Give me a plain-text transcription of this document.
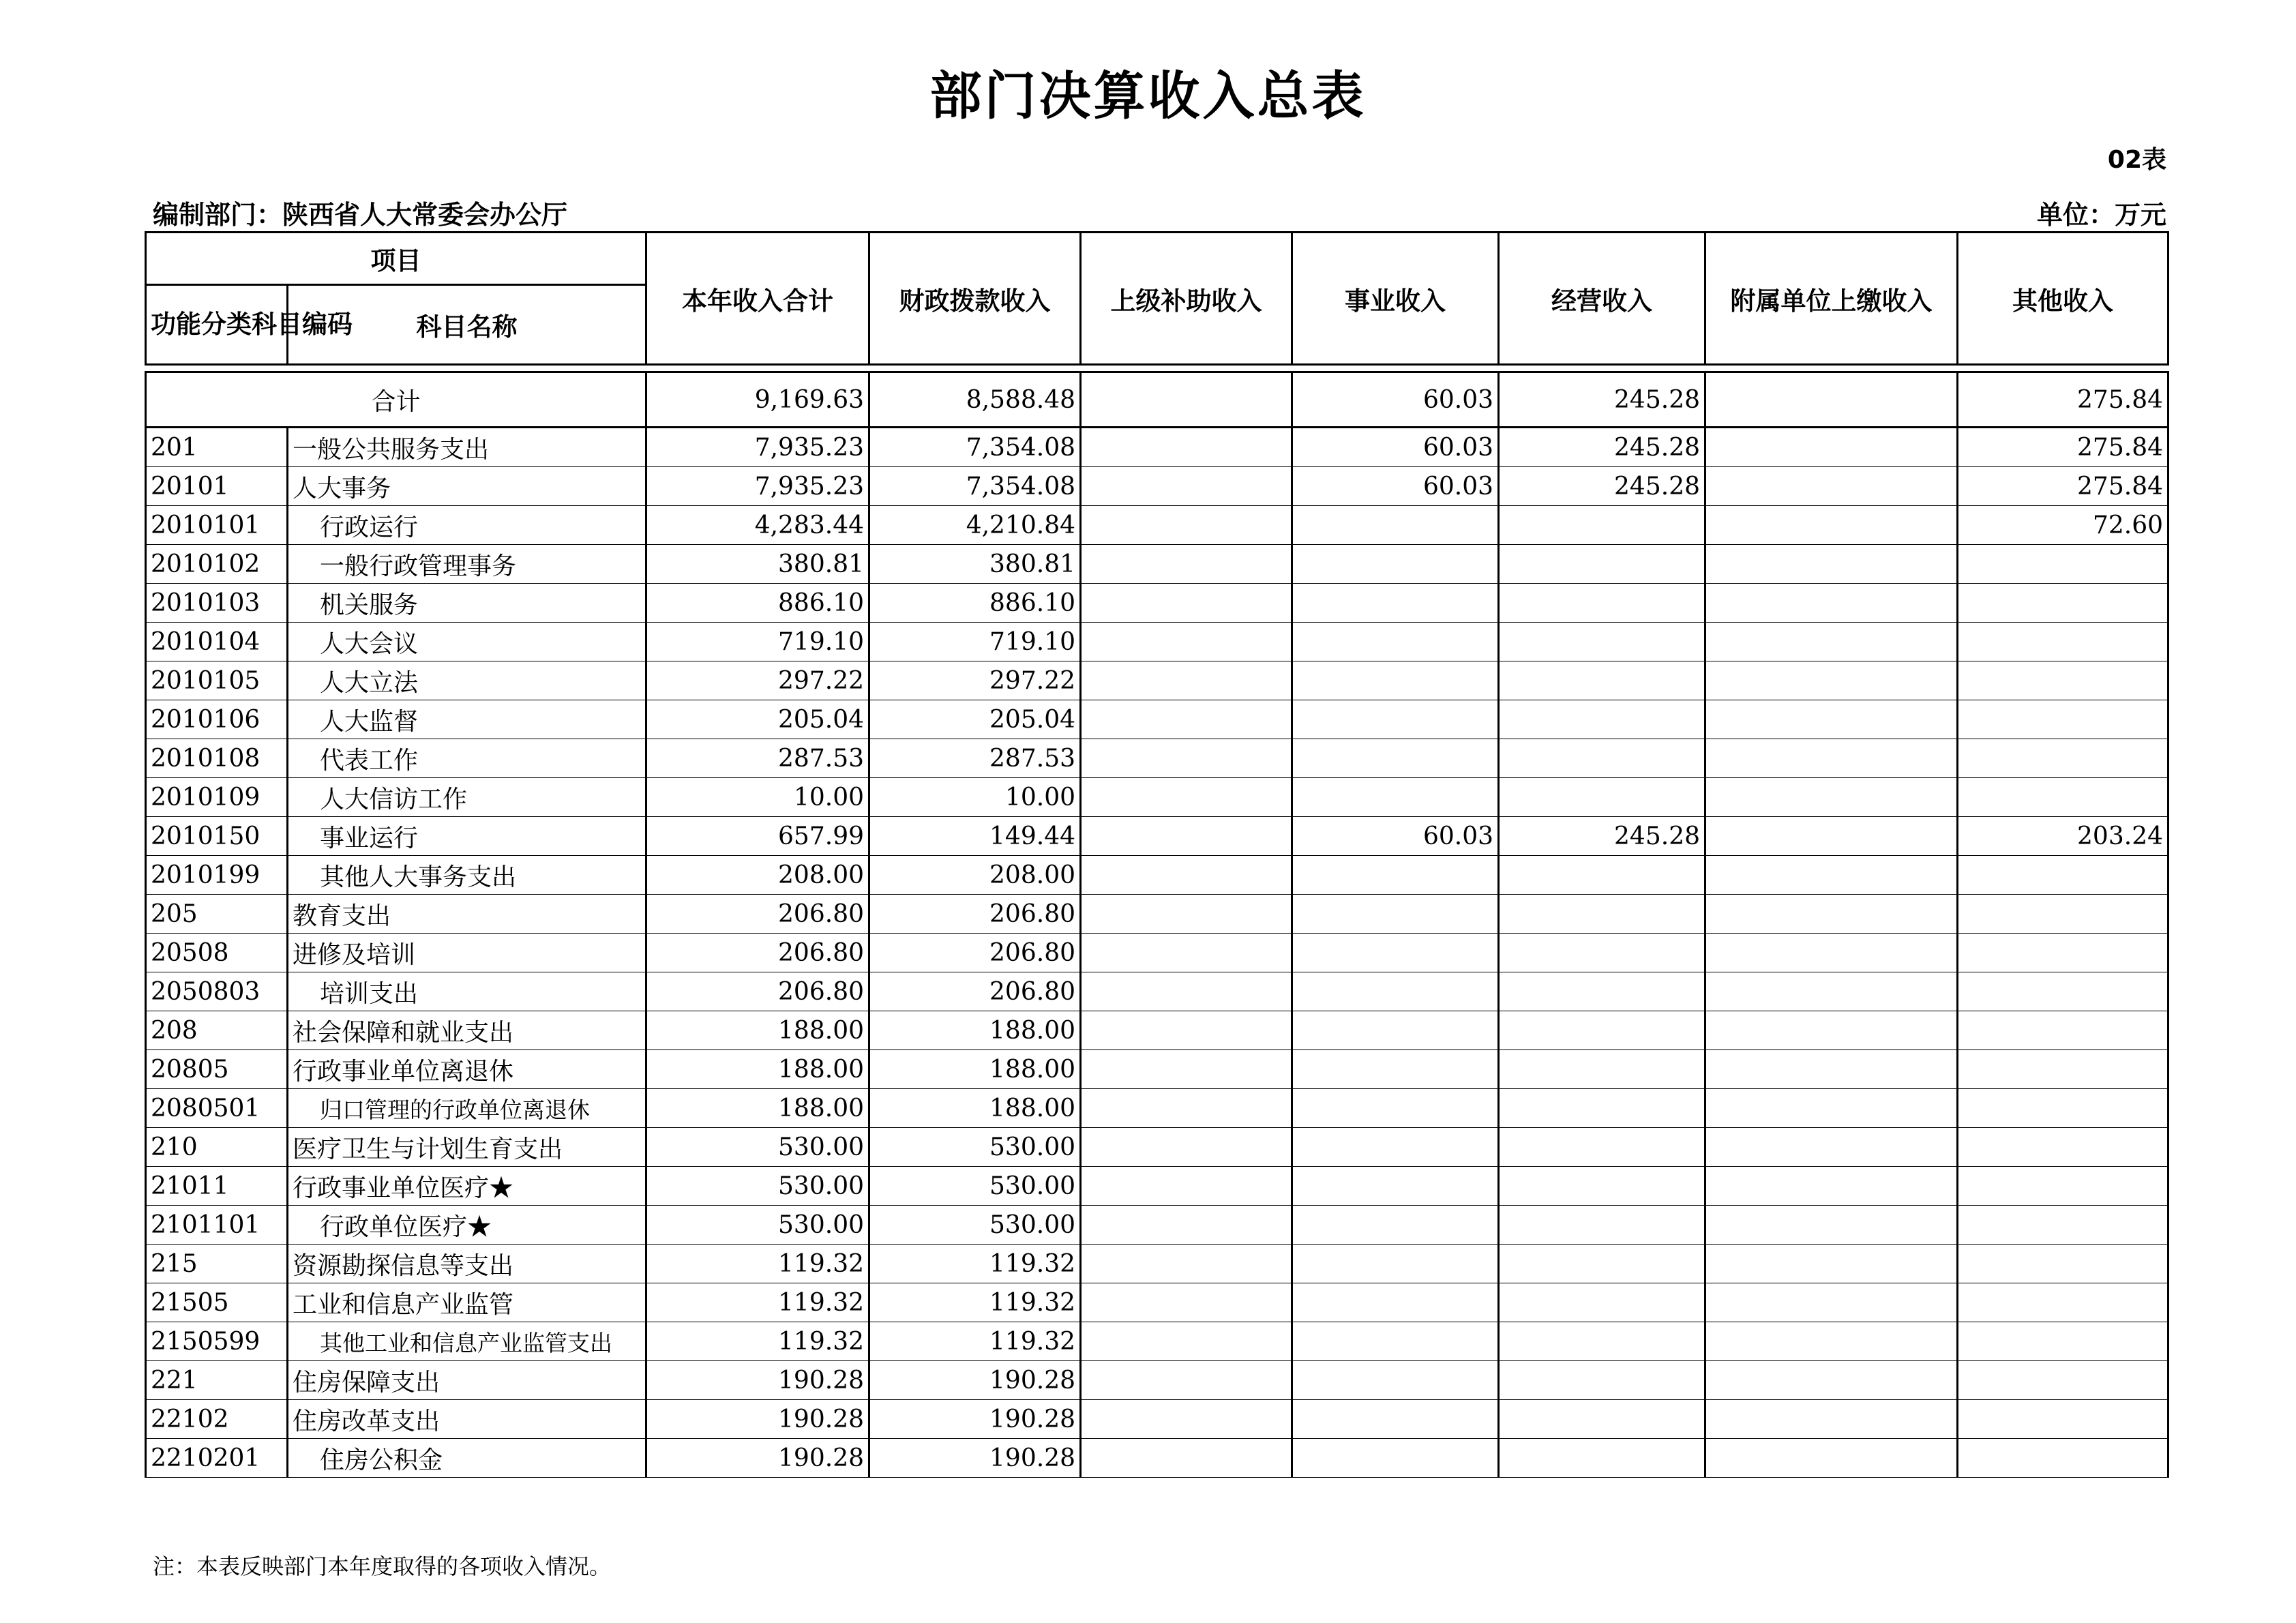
部门决算收入总表
02表
编制部门：陕西省人大常委会办公厅	单位：万元
项目		本年收入合计	财政拨款收入	上级补助收入	事业收入	经营收入	附属单位上缴收入	其他收入
功能分类科目编码	科目名称							

合计		9,169.63	8,588.48		60.03	245.28		275.84
201	一般公共服务支出	7,935.23	7,354.08		60.03	245.28		275.84
20101	人大事务	7,935.23	7,354.08		60.03	245.28		275.84
2010101	行政运行	4,283.44	4,210.84					72.60
2010102	一般行政管理事务	380.81	380.81					
2010103	机关服务	886.10	886.10					
2010104	人大会议	719.10	719.10					
2010105	人大立法	297.22	297.22					
2010106	人大监督	205.04	205.04					
2010108	代表工作	287.53	287.53					
2010109	人大信访工作	10.00	10.00					
2010150	事业运行	657.99	149.44		60.03	245.28		203.24
2010199	其他人大事务支出	208.00	208.00					
205	教育支出	206.80	206.80					
20508	进修及培训	206.80	206.80					
2050803	培训支出	206.80	206.80					
208	社会保障和就业支出	188.00	188.00					
20805	行政事业单位离退休	188.00	188.00					
2080501	归口管理的行政单位离退休	188.00	188.00					
210	医疗卫生与计划生育支出	530.00	530.00					
21011	行政事业单位医疗★	530.00	530.00					
2101101	行政单位医疗★	530.00	530.00					
215	资源勘探信息等支出	119.32	119.32					
21505	工业和信息产业监管	119.32	119.32					
2150599	其他工业和信息产业监管支出	119.32	119.32					
221	住房保障支出	190.28	190.28					
22102	住房改革支出	190.28	190.28					
2210201	住房公积金	190.28	190.28					
注：本表反映部门本年度取得的各项收入情况。
